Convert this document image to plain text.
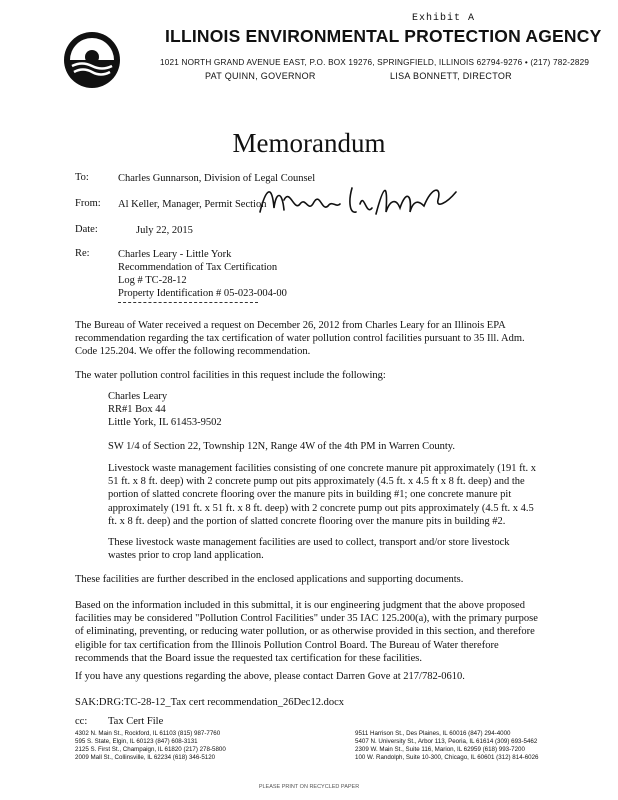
Exhibit A
ILLINOIS ENVIRONMENTAL PROTECTION AGENCY
1021 NORTH GRAND AVENUE EAST, P.O. BOX 19276, SPRINGFIELD, ILLINOIS 62794-9276 • (217) 782-2829
PAT QUINN, GOVERNOR	LISA BONNETT, DIRECTOR
Memorandum
To:	Charles Gunnarson, Division of Legal Counsel
From: Al Keller, Manager, Permit Section
Date:	July 22, 2015
Re:	Charles Leary - Little York
Recommendation of Tax Certification
Log # TC-28-12
Property Identification # 05-023-004-00
The Bureau of Water received a request on December 26, 2012 from Charles Leary for an Illinois EPA
recommendation regarding the tax certification of water pollution control facilities pursuant to 35 Ill. Adm.
Code 125.204. We offer the following recommendation.
The water pollution control facilities in this request include the following:
Charles Leary
RR#1 Box 44
Little York, IL 61453-9502
SW 1/4 of Section 22, Township 12N, Range 4W of the 4th PM in Warren County.
Livestock waste management facilities consisting of one concrete manure pit approximately (191 ft. x
51 ft. x 8 ft. deep) with 2 concrete pump out pits approximately (4.5 ft. x 4.5 ft x 8 ft. deep) and the
portion of slatted concrete flooring over the manure pits in building #1; one concrete manure pit
approximately (191 ft. x 51 ft. x 8 ft. deep) with 2 concrete pump out pits approximately (4.5 ft. x 4.5
ft. x 8 ft. deep) and the portion of slatted concrete flooring over the manure pits in building #2.
These livestock waste management facilities are used to collect, transport and/or store livestock
wastes prior to crop land application.
These facilities are further described in the enclosed applications and supporting documents.
Based on the information included in this submittal, it is our engineering judgment that the above proposed
facilities may be considered "Pollution Control Facilities" under 35 IAC 125.200(a), with the primary purpose
of eliminating, preventing, or reducing water pollution, or as otherwise provided in this section, and therefore
eligible for tax certification from the Illinois Pollution Control Board. The Bureau of Water therefore
recommends that the Board issue the requested tax certification for these facilities.
If you have any questions regarding the above, please contact Darren Gove at 217/782-0610.
SAK:DRG:TC-28-12_Tax cert recommendation_26Dec12.docx
cc: Tax Cert File
4302 N. Main St., Rockford, IL 61103 (815) 987-7760
595 S. State, Elgin, IL 60123 (847) 608-3131
2125 S. First St., Champaign, IL 61820 (217) 278-5800
2009 Mall St., Collinsville, IL 62234 (618) 346-5120
9511 Harrison St., Des Plaines, IL 60016 (847) 294-4000
5407 N. University St., Arbor 113, Peoria, IL 61614 (309) 693-5462
2309 W. Main St., Suite 116, Marion, IL 62959 (618) 993-7200
100 W. Randolph, Suite 10-300, Chicago, IL 60601 (312) 814-6026
PLEASE PRINT ON RECYCLED PAPER
